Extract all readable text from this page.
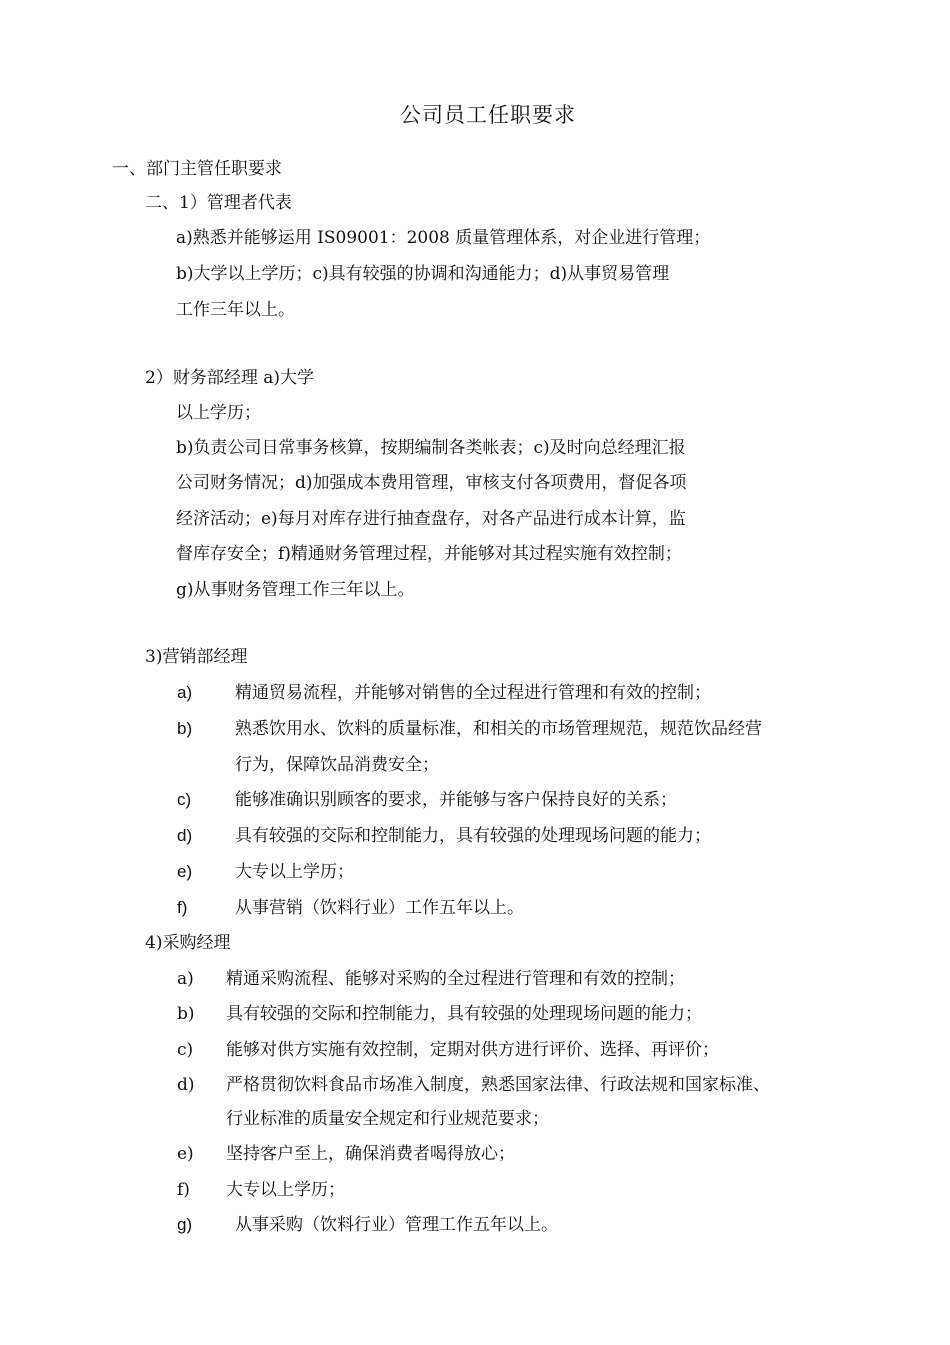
公司员工任职要求
一、部门主管任职要求
二、1）管理者代表
a)熟悉并能够运用 IS09001：2008 质量管理体系，对企业进行管理；
b)大学以上学历；c)具有较强的协调和沟通能力；d)从事贸易管理
工作三年以上。
2）财务部经理 a)大学
以上学历；
b)负责公司日常事务核算，按期编制各类帐表；c)及时向总经理汇报
公司财务情况；d)加强成本费用管理，审核支付各项费用，督促各项
经济活动；e)每月对库存进行抽查盘存，对各产品进行成本计算，监
督库存安全；f)精通财务管理过程，并能够对其过程实施有效控制；
g)从事财务管理工作三年以上。
3)营销部经理
a)	精通贸易流程，并能够对销售的全过程进行管理和有效的控制；
b)	熟悉饮用水、饮料的质量标准，和相关的市场管理规范，规范饮品经营
行为，保障饮品消费安全；
c)	能够准确识别顾客的要求，并能够与客户保持良好的关系；
d)	具有较强的交际和控制能力，具有较强的处理现场问题的能力；
e)	大专以上学历；
f)	从事营销（饮料行业）工作五年以上。
4)采购经理
a) 精通采购流程、能够对采购的全过程进行管理和有效的控制；
b) 具有较强的交际和控制能力，具有较强的处理现场问题的能力；
c) 能够对供方实施有效控制，定期对供方进行评价、选择、再评价；
d) 严格贯彻饮料食品市场准入制度，熟悉国家法律、行政法规和国家标准、
行业标准的质量安全规定和行业规范要求；
e) 坚持客户至上，确保消费者喝得放心；
f) 大专以上学历；
g)	从事采购（饮料行业）管理工作五年以上。
